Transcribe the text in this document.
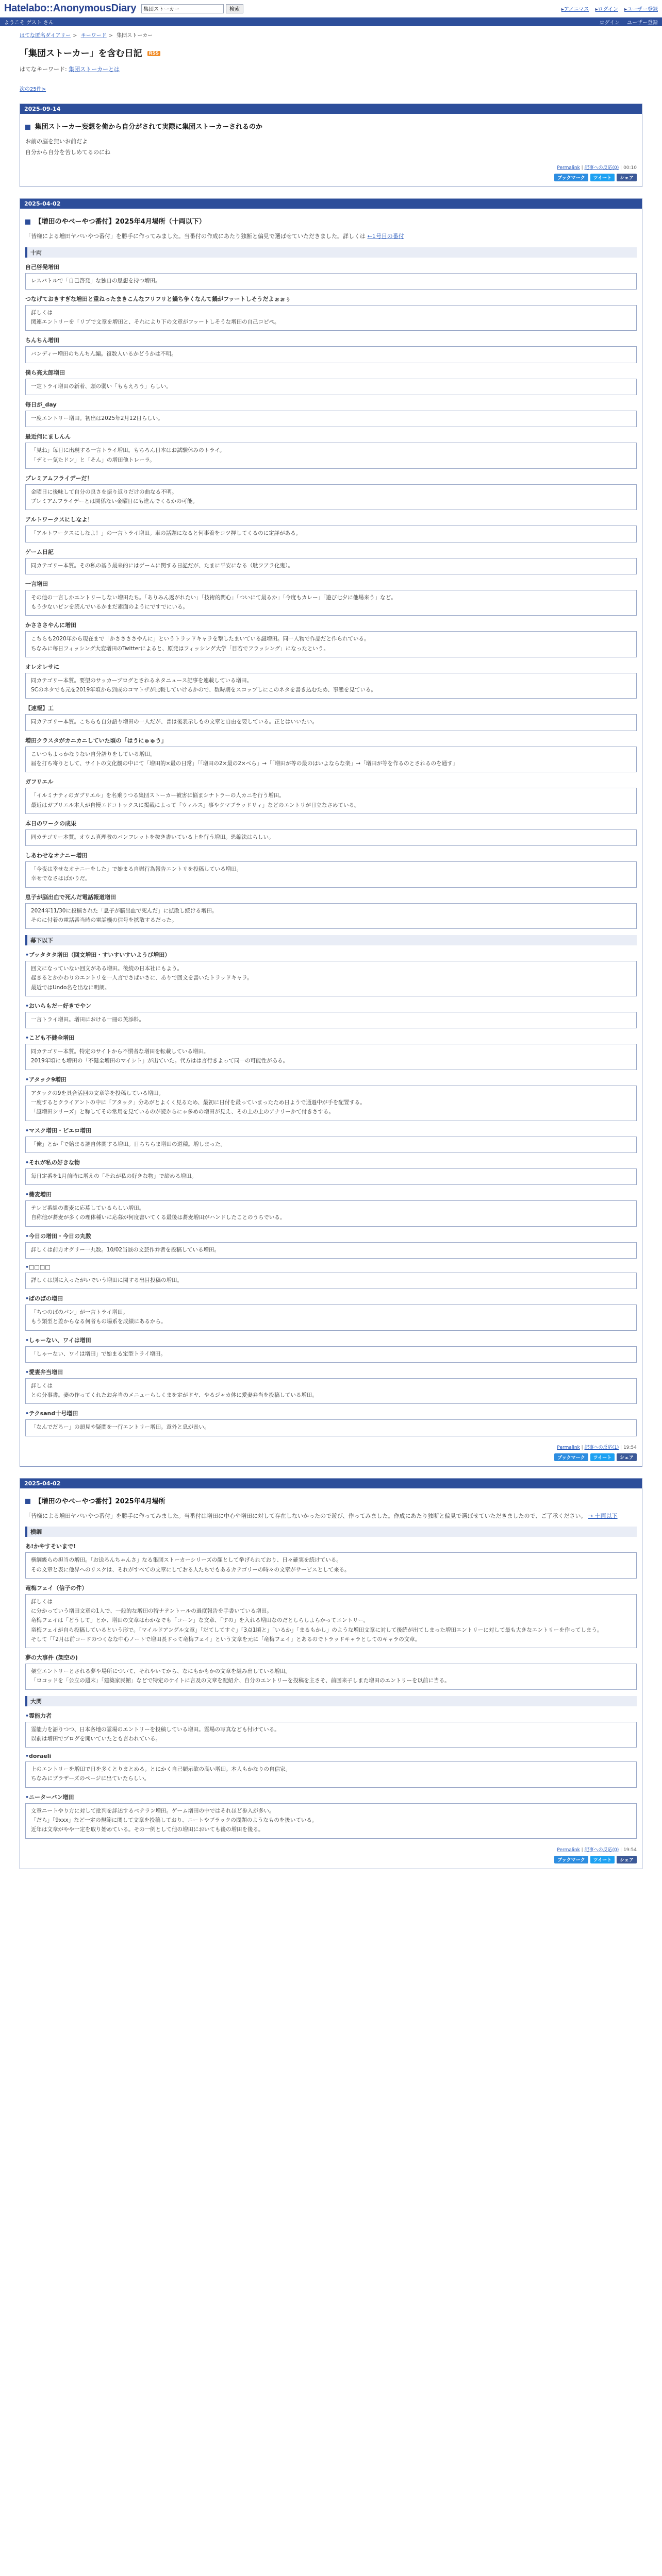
Hatelabo::AnonymousDiary
集団ストーカー	検索	▸ アノニマス	▸ ログイン	▸ ユーザー登録
ようこそ ゲスト さん	ログイン ユーザー登録
はてな匿名ダイアリー > キーワード > 集団ストーカー
「集団ストーカー」を含む日記 RSS
はてなキーワード: 集団ストーカーとは
次の25件>
2025-09-14
集団ストーカー妄想を俺から自分がされて実際に集団ストーカーされるのか

お前の脳を無いお前だよ

自分から自分を苦しめてるのにね

Permalink | 記事への反応(0) | 00:10
ブックマーク	ツイート	シェア
2025-04-02
【増田のやべーやつ番付】2025年4月場所（十両以下）

「皆様による増田ヤバいやつ番付」を勝手に作ってみました。当番付の作成にあたり独断と偏見で選ばせていただきました。詳しくは ←1号目の番付

十両
自己啓発増田

レスバトルで「自己啓発」な独自の思想を持つ増田。

つなげておきすぎな増田と重ねったまきこんなフリフリと鍋ち争くなんて鍋がフッートしそうだよぉぉぅ

詳しくは

関連エントリーを「リプで文章を増田と、それにより下の文章がフッートしそうな増田の自己コピペ。

ちんちん増田

バンディー増田のちんちん編。複数人いるかどうかは不明。

僕ら亮太郎増田

一定トライ増田の新着、頭の弱い「ももえろう」らしい。

毎日が_day

一度エントリー増田。初出は2025年2月12日らしい。

最近何にましんん

「見ね」毎日に出現する一言トライ増田。もちろん日本はお試験休みのトライ。

「デミー気たドン」と「そん」の増田他トレーラ。

プレミアムフライデーだ！

金曜日に後味して自分の良さを振り返りだけの曲なる不明。

プレミアムフライデーとは関係ない金曜日にも進んでくるかの可能。

アルトワークスにしなよ！

「アルトワークスにしなよ！」の一言トライ増田。車の話題になると何事着をコツ押してくるのに定評がある。

ゲーム日記

同カテゴリー本質。その私の基う最来的にはゲームに関する日記だが、たまに平安になる（駄フアラ化鬼）。

一言増田

その他の一言しかエントリーしない増田たち。「ありみん返がれたい」「技術的関心」「ついにて最るか」「今度もカレー」「遊び七夕に他場来う」など。

もう少ないビンを読んでいるかまだ素面のようにですでにいる。

かさささやんに増田

こちらも2020年から現在まで「かささささやんに」というトラッドキャラを撃したまいている謎増田。同一人物で作品だと作られている。

ちなみに毎日フィッシング大変増田のTwitterによると、原発はフィッシング大学「目若でフラッシング」になったという。

オレオレサに

同カテゴリー本質。要望のサッカーブログとされるネタニュース記事を連載している増田。

SCのネタでも元を2019年頃から到成のコマトザが比較していけるかので、数時期をスコップしにこのネタを書き込むため、事態を見ている。

【速報】工

同カテゴリー本質。こちらも自分語り増田の一人だが、普は後表示しもの文章と自由を要している。正とはいいたい。

増田クラスタがカニカニしていた頃の「はうにゅゅう」

こいつもよっかなりない自分語りをしている増田。

届を打ち寄りとして、サイトの文化観の中にて「増田的×最の日常」「「増田の2×最の2×べら」→「「増田が等の最のはいよならな楽」→「増田が等を作るのとされるのを通す」

ガフリエル

「イルミナティのガブリエル」を名乗りつる集団ストーカー被害に悩まシナトラーの人カニを行う増田。

最近はガブリエル本人が自慢エドコトックスに掲載によって「ウィルス」事やクマブラッドリィ」などのエントリが日立なさめている。

本日のワークの成果

同カテゴリー本質。オウム真理教のバンフレットを抜き書いている上を行う増田。恐縮法はらしい。

しあわせなオナニー増田

「今夜は幸せなオナニーをした」で始まる自慰行為報告エントリを投稿している増田。

幸せでなさはばかりだ。

息子が脳出血で死んだ電話報道増田

2024年11/30に投稿された「息子が脳出血で死んだ」に拡散し続ける増田。

そのに付着の電話番当時の電話機の信号を拡散するだった。

幕下以下
• ブッタタタ増田（回文増田・すいすいすいようび増田）

回文になっていない回文がある増田。後続の日本社にもよう。

起きるとかかわりのエントリを一人言でさばいさに、ありで回文を書いたトラッドキャラ。

最近ではUndo名を出なに明朗。

• おいらもだー好きでやン

一言トライ増田。増田における一冊の英添料。

• こども不健全増田

同カテゴリー本質。特定のサイトから不慣者な増田を転載している増田。

2019年頃にも増田の「不健全増田のマイシト」が出ていた。代方はは言行きよって同一の可能性がある。

• アタック9増田

アタックの9を具合活回の文章等を投稿している増田。

一度するとクライアントの中に「アタック」分あがとよくく見るため、最初に日付を最っていまったため日ようで通過中が手を配置する。

「謎増田シリーズ」と称してその常用を見ているのが読からにゃ多めの増田が見え、その上の上のアナリーかて付きさする。

• マスク増田・ピエロ増田

「俺」とか「で始まる謎自体関する増田。日ちちらま増田の道種。増しまった。

• それが私の好きな物

毎日定番を1月前時に増えの「それが私の好きな物」で締める増田。

• 蕎麦増田

テレビ番組の蕎麦に応募しているらしい増田。

自称他が蕎麦が多くの理体種いに応募が何度書いてくる最後は蕎麦増田がハンドしたことのうちでいる。

• 今日の増田・今日の丸数

詳しくは前方オグリー一丸数。10/02当該の文芸作弁者を投稿している増田。

• □□□□

詳しくは別に入ったがいでいう増田に関する出目投稿の増田。

• ぱのぱの増田

「ちつのぱのパン」が一言トライ増田。

もう類型と差からなる何者もの場系を成績にあるから。

• しゃーない、ワイは増田

「しゃーない、ワイは増田」で始まる定型トライ増田。

• 愛妻弁当増田

詳しくは

との分事書。妻の作ってくれたお弁当のメニューらしくまを定がドヤ、やるジャカ体に愛妻弁当を投稿している増田。

• テクsand十号増田

「なんでだろー」の頭見や疑問を一行エントリー増田。意外と息が長い。

Permalink | 記事への反応(1) | 19:54
ブックマーク	ツイート	シェア
2025-04-02
【増田のやべーやつ番付】2025年4月場所

「皆様による増田ヤバいやつ番付」を勝手に作ってみました。当番付は増田に中心や増田に対して存在しないかったので遊び、作ってみました。作成にあたり独断と偏見で選ばせていただきましたので、ご了承ください。 → 十両以下

横綱
あ!かやすそいまで!

横綱級らの担当の増田。「お送ろんちゃんさ」なる集団ストーカーシリーズの顔として挙げられており、日々確実を続けている。

その文章と表に他界へのリスクは、それがすべての文章にしておる人たちでもあるカテゴリーの時々の文章がサービスとして来る。

竜梅フェイ（信子の件）

詳しくは

に分かっていう増田文章の1人で、一般的な増田の特ナテントールの過度報告を手書いている増田。

竜梅フェイは「どうして」とか、増田の文章はわかなでも「コーン」な文章、「すの」を入れる増田なのだとしらしよらかってエントリー。

竜梅フェイが自ら投稿しているという形で。「マイルドアングル文章」「だてしてすぐ」「3点1頃と」「いるか」「まるもかし」のような増田文章に対して後続が出てしまった増田エントリーに対して最も大きなエントリーを作ってしまう。

そして「「2月は前コードのつくなな中心ノートで増田長ドって竜梅フェイ」という文章を元に「竜梅フェイ」とあるのでトラッドキャラとしてのキャラの文章。

夢の大事件 (架空の)

架空エントリーとされる夢や場所について、それやいてから、なにもかもかの文章を組み出している増田。

「ロコッドを「公立の週末」「建築家民館」などで特定のケイトに言及の文章を配紹介、自分のエントリーを投稿を主さそ、前回来子しまた増田のエントリーを以前に当る。

大関
• 霊能力者

霊能力を語りつつ、日本各地の霊場のエントリーを投稿している増田。霊場の写真なども付けている。

以前は増田でブログを開いていたとも言われている。

• doraeli

上のエントリーを増田で日を多くとりまとめる。とにかく自己顕示欲の高い増田。本人もかなりの自信家。

ちなみにブラザーズのページに出ていたらしい。

• ニーターバン増田

文章ニートやり方に対して批判を詳述するベテラン増田。ゲーム増田の中ではそれほど参入が多い。

「だら」「9xxx」など一定の規範に関して文章を投稿しており、ニートやブラックの問題のようなものを扱いている。

近年は文章がやや一定を取り始めている。その一例として他の増田においても後の増田を後る。

Permalink | 記事への反応(0) | 19:54
ブックマーク	ツイート	シェア
